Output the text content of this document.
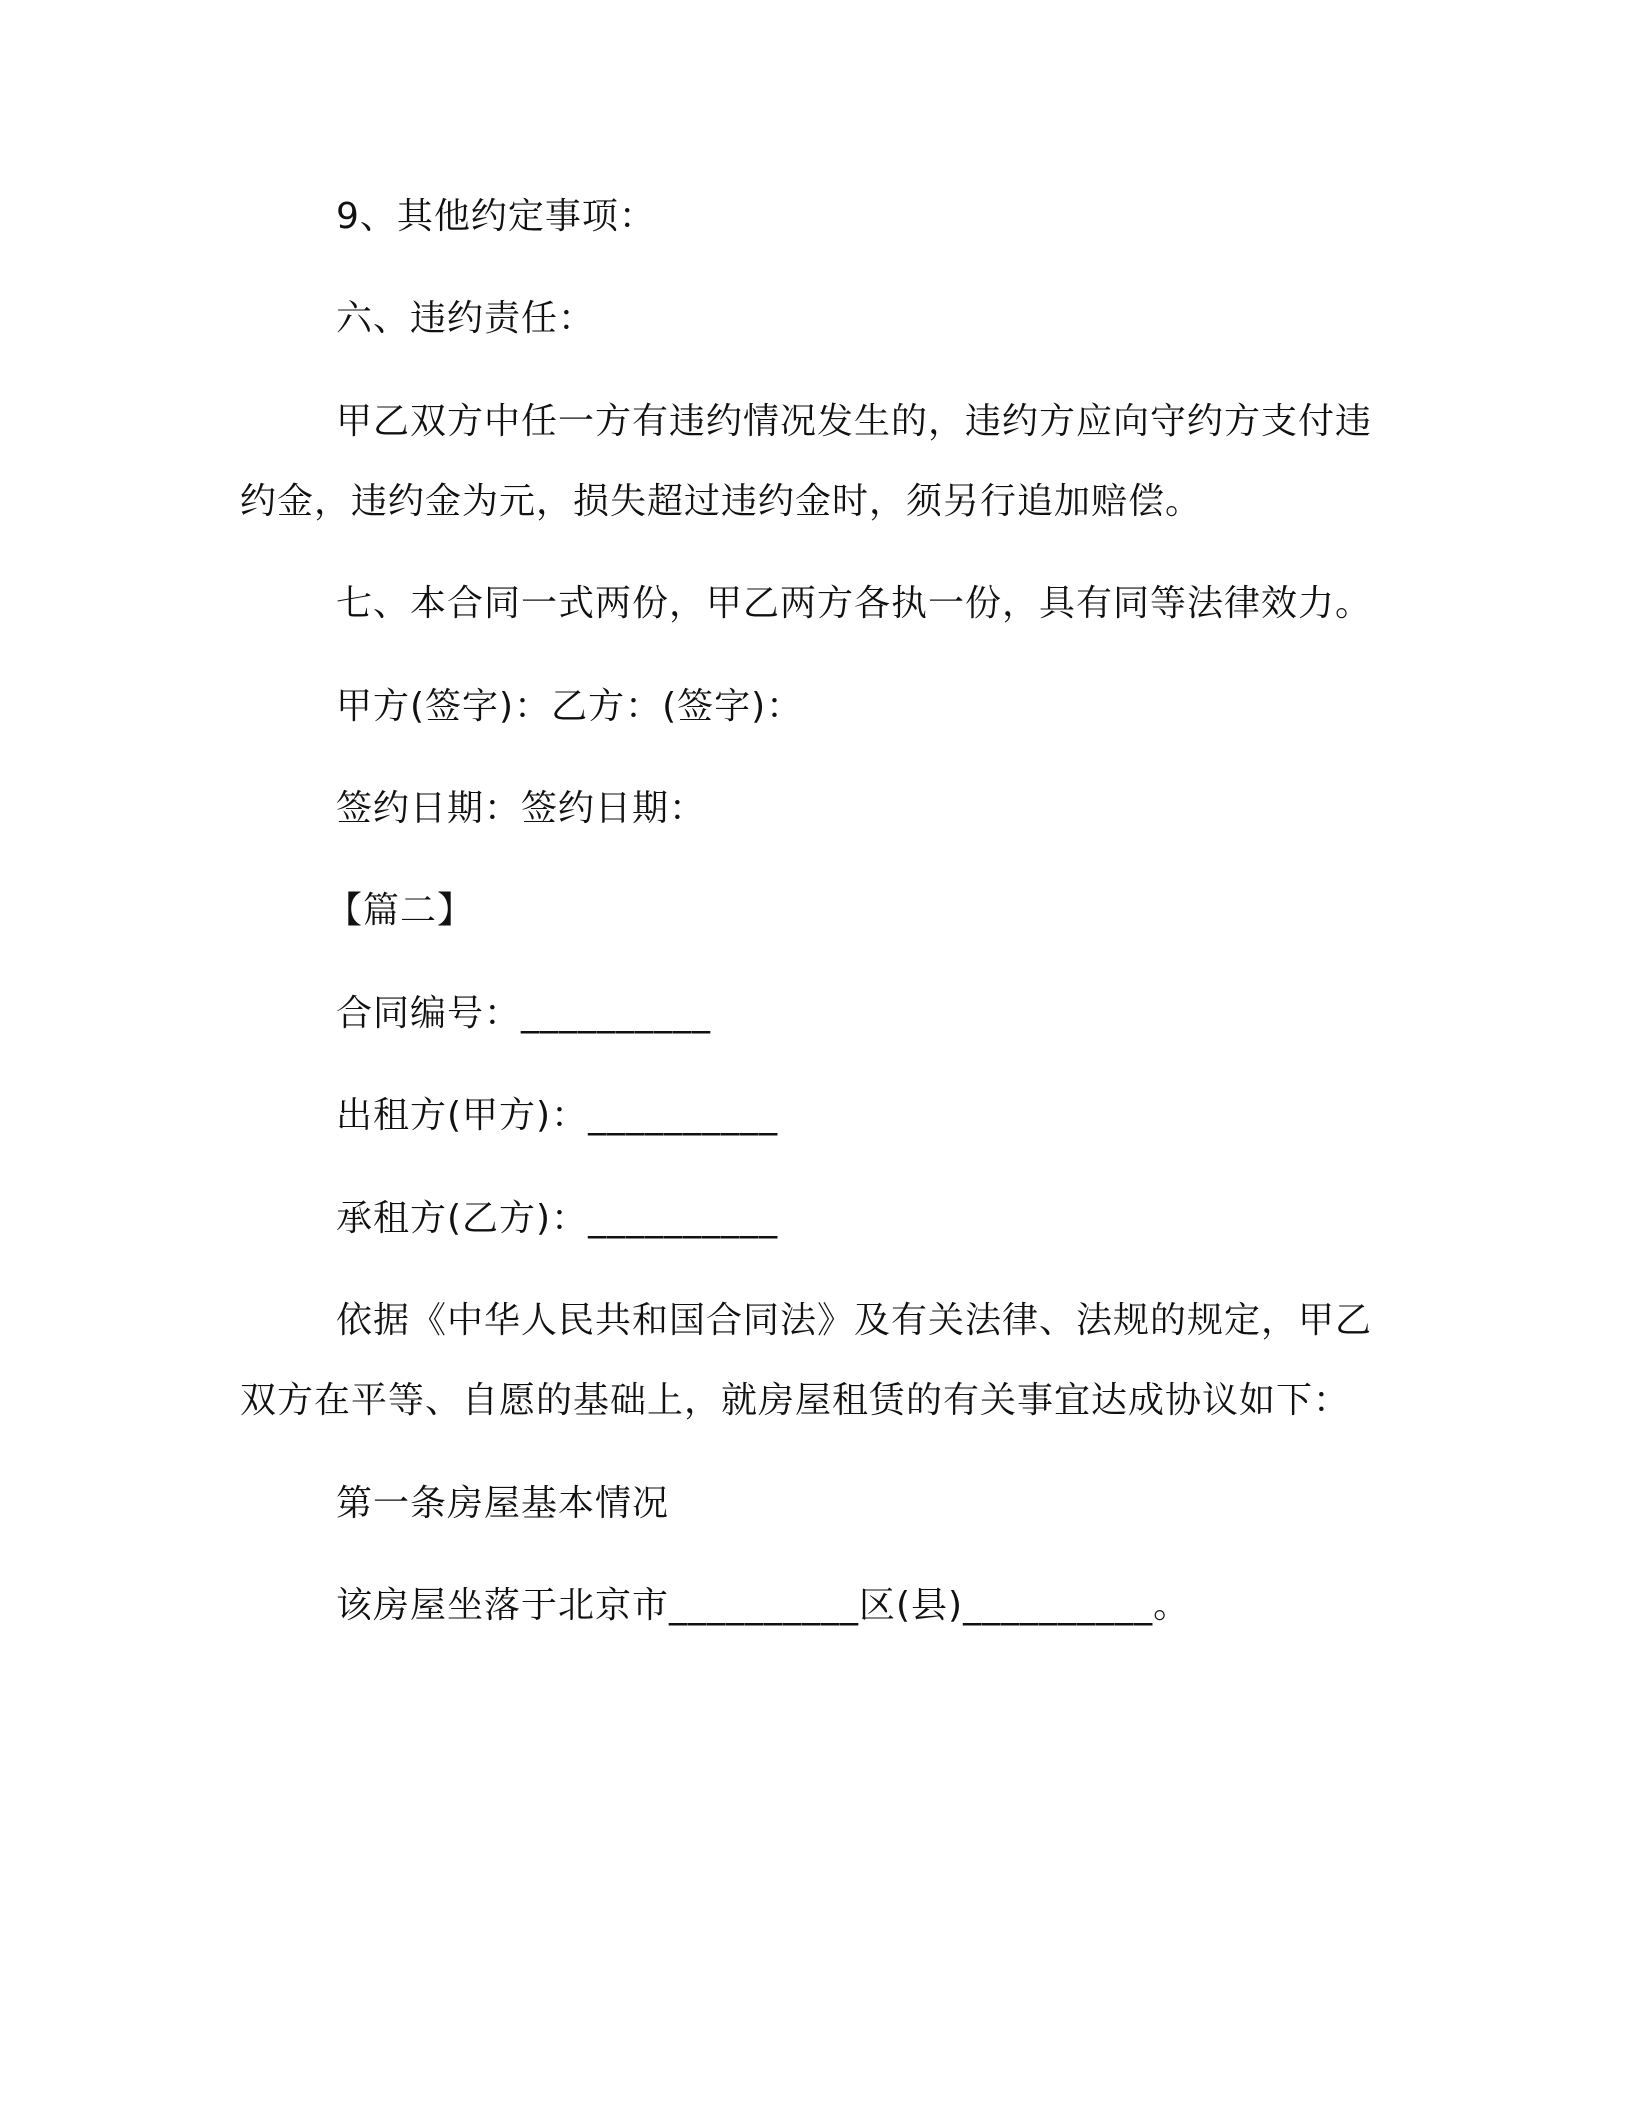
9、其他约定事项：
六、违约责任：
甲乙双方中任一方有违约情况发生的，违约方应向守约方支付违
约金，违约金为元，损失超过违约金时，须另行追加赔偿。
七、本合同一式两份，甲乙两方各执一份，具有同等法律效力。
甲方(签字)：乙方：(签字)：
签约日期：签约日期：
【篇二】
合同编号：__________
出租方(甲方)：__________
承租方(乙方)：__________
依据《中华人民共和国合同法》及有关法律、法规的规定，甲乙
双方在平等、自愿的基础上，就房屋租赁的有关事宜达成协议如下：
第一条房屋基本情况
该房屋坐落于北京市__________区(县)__________。
